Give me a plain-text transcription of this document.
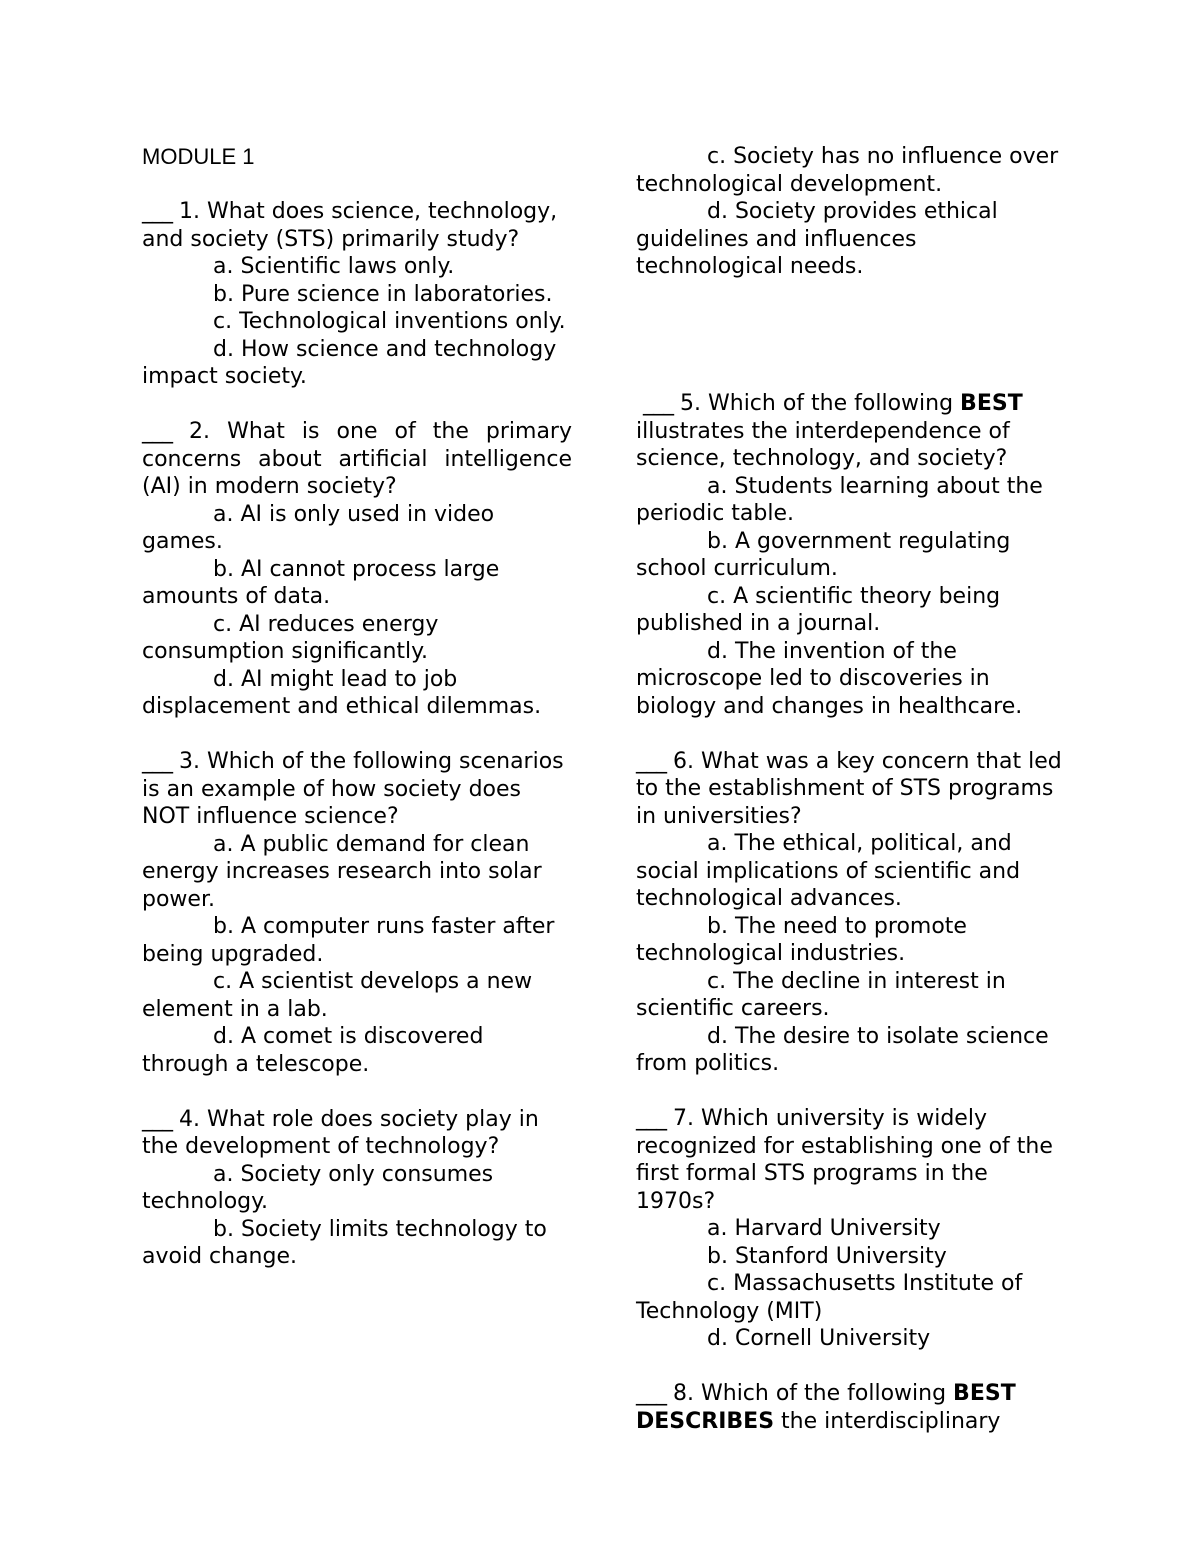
MODULE 1

___ 1. What does science, technology, and society (STS) primarily study?

a. Scientific laws only.

b. Pure science in laboratories.

c. Technological inventions only.

d. How science and technology impact society.

___ 2. What is one of the primary concerns about artificial intelligence (AI) in modern society?

a. AI is only used in video games.

b. AI cannot process large amounts of data.

c. AI reduces energy consumption significantly.

d. AI might lead to job displacement and ethical dilemmas.

___ 3. Which of the following scenarios is an example of how society does NOT influence science?

a. A public demand for clean energy increases research into solar power.

b. A computer runs faster after being upgraded.

c. A scientist develops a new element in a lab.

d. A comet is discovered through a telescope.

___ 4. What role does society play in the development of technology?

a. Society only consumes technology.

b. Society limits technology to avoid change.

c. Society has no influence over technological development.

d. Society provides ethical guidelines and influences technological needs.

___ 5. Which of the following BEST illustrates the interdependence of science, technology, and society?

a. Students learning about the periodic table.

b. A government regulating school curriculum.

c. A scientific theory being published in a journal.

d. The invention of the microscope led to discoveries in biology and changes in healthcare.

___ 6. What was a key concern that led to the establishment of STS programs in universities?

a. The ethical, political, and social implications of scientific and technological advances.

b. The need to promote technological industries.

c. The decline in interest in scientific careers.

d. The desire to isolate science from politics.

___ 7. Which university is widely recognized for establishing one of the first formal STS programs in the 1970s?

a. Harvard University

b. Stanford University

c. Massachusetts Institute of Technology (MIT)

d. Cornell University

___ 8. Which of the following BEST DESCRIBES the interdisciplinary
